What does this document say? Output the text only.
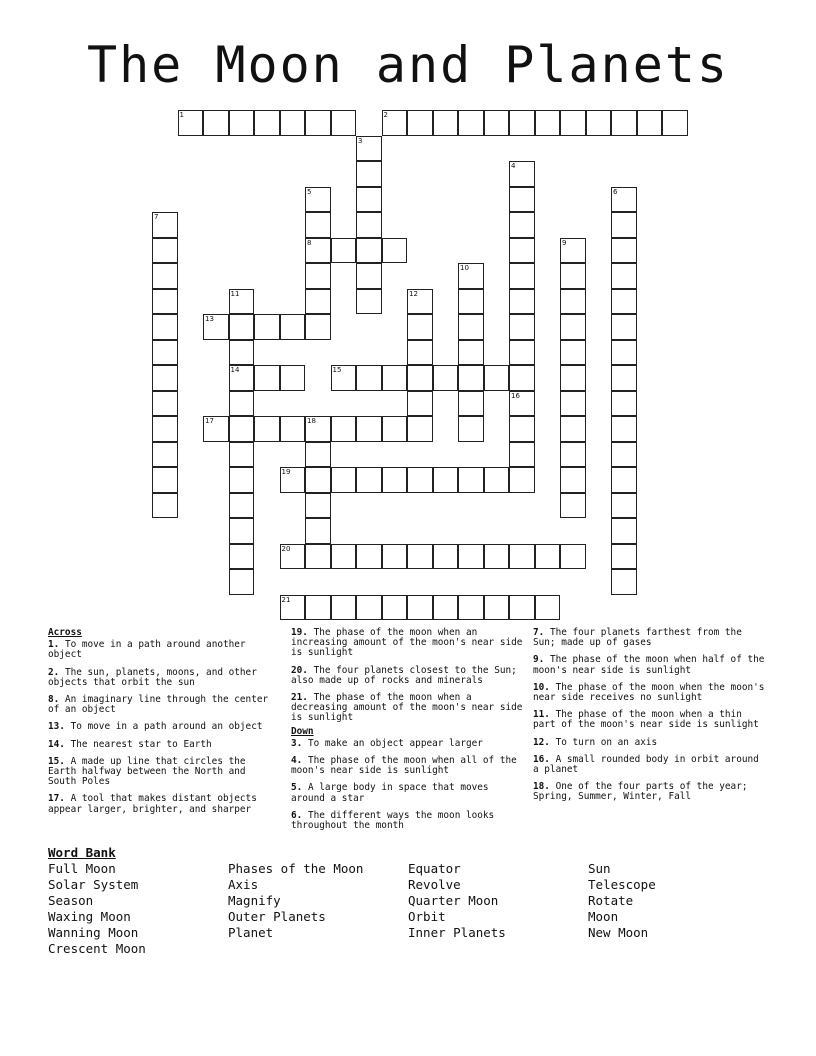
The Moon and Planets
1	2
3
4
5
8
6
7
9
10
11
14
12
13
15
16
17	18
19
20
21
Across
1. To move in a path around another object
2. The sun, planets, moons, and other objects that orbit the sun
8. An imaginary line through the center of an object
13. To move in a path around an object
14. The nearest star to Earth
15. A made up line that circles the Earth halfway between the North and South Poles
17. A tool that makes distant objects appear larger, brighter, and sharper
19. The phase of the moon when an increasing amount of the moon's near side is sunlight
20. The four planets closest to the Sun; also made up of rocks and minerals
21. The phase of the moon when a decreasing amount of the moon's near side is sunlight
Down
3. To make an object appear larger
4. The phase of the moon when all of the moon's near side is sunlight
5. A large body in space that moves around a star
6. The different ways the moon looks throughout the month
7. The four planets farthest from the Sun; made up of gases
9. The phase of the moon when half of the moon's near side is sunlight
10. The phase of the moon when the moon's near side receives no sunlight
11. The phase of the moon when a thin part of the moon's near side is sunlight
12. To turn on an axis
16. A small rounded body in orbit around a planet
18. One of the four parts of the year; Spring, Summer, Winter, Fall
Word Bank
Full Moon
Solar System
Season
Waxing Moon
Wanning Moon
Crescent Moon
Phases of the Moon
Axis
Magnify
Outer Planets
Planet
Equator
Revolve
Quarter Moon
Orbit
Inner Planets
Sun
Telescope
Rotate
Moon
New Moon
